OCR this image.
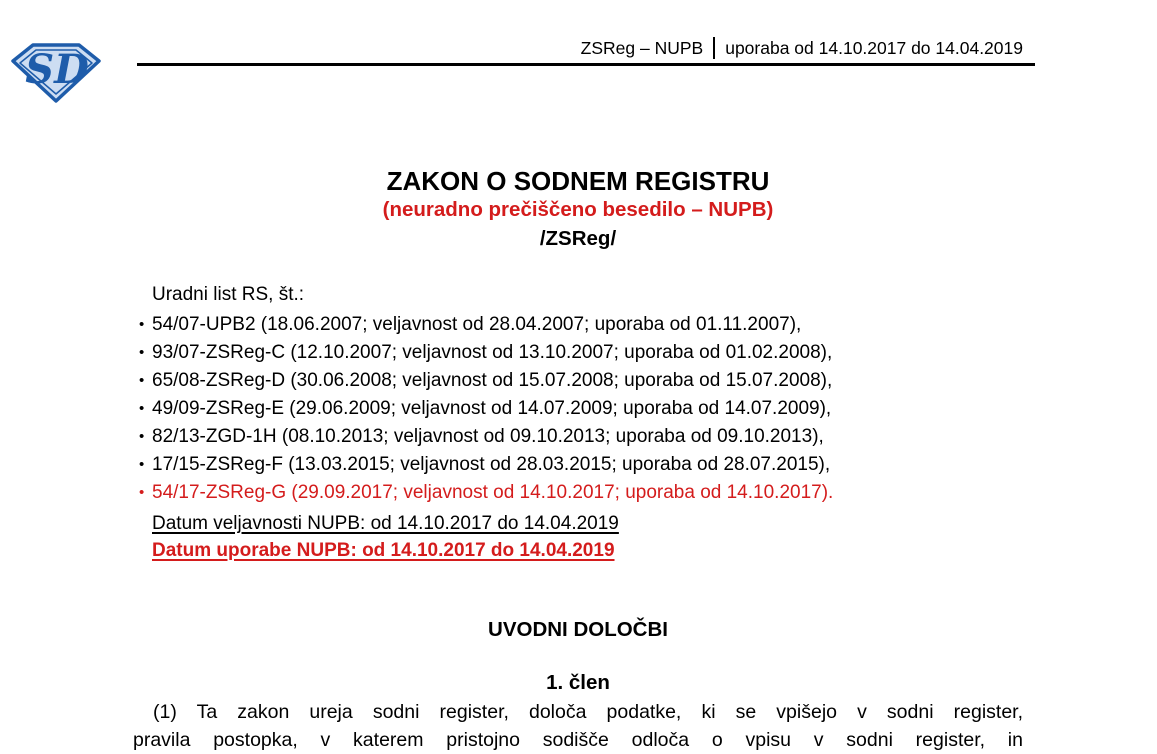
SD	ZSReg – NUPB uporaba od 14.10.2017 do 14.04.2019
ZAKON O SODNEM REGISTRU
(neuradno prečiščeno besedilo – NUPB)
/ZSReg/
Uradni list RS, št.:
• 54/07-UPB2 (18.06.2007; veljavnost od 28.04.2007; uporaba od 01.11.2007),
• 93/07-ZSReg-C (12.10.2007; veljavnost od 13.10.2007; uporaba od 01.02.2008),
• 65/08-ZSReg-D (30.06.2008; veljavnost od 15.07.2008; uporaba od 15.07.2008),
• 49/09-ZSReg-E (29.06.2009; veljavnost od 14.07.2009; uporaba od 14.07.2009),
• 82/13-ZGD-1H (08.10.2013; veljavnost od 09.10.2013; uporaba od 09.10.2013),
• 17/15-ZSReg-F (13.03.2015; veljavnost od 28.03.2015; uporaba od 28.07.2015),
• 54/17-ZSReg-G (29.09.2017; veljavnost od 14.10.2017; uporaba od 14.10.2017).
Datum veljavnosti NUPB: od 14.10.2017 do 14.04.2019
Datum uporabe NUPB: od 14.10.2017 do 14.04.2019
UVODNI DOLOČBI
1. člen
(1) Ta zakon ureja sodni register, določa podatke, ki se vpišejo v sodni register,
pravila postopka, v katerem pristojno sodišče odloča o vpisu v sodni register, in
